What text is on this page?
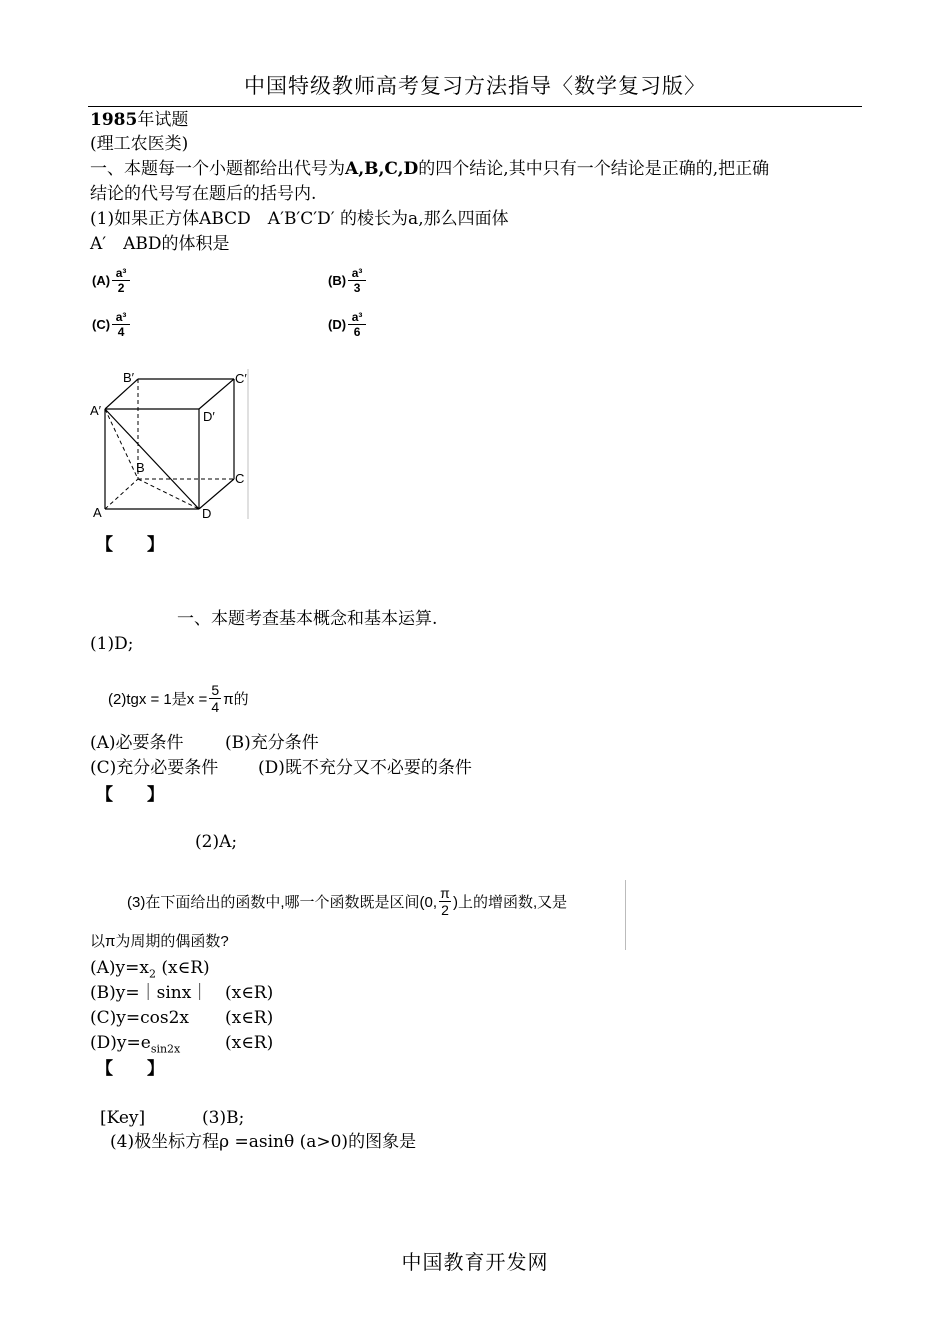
中国特级教师高考复习方法指导〈数学复习版〉
1985年试题
(理工农医类)
一、本题每一个小题都给出代号为A,B,C,D的四个结论,其中只有一个结论是正确的,把正确
结论的代号写在题后的括号内.
(1)如果正方体ABCD　A′B′C′D′ 的棱长为a,那么四面体
A′　ABD的体积是
$(A) \frac{\text{a³}}{2}$	$(B) \frac{\text{a³}}{3}$
$(C) \frac{\text{a³}}{4}$	$(D) \frac{\text{a³}}{6}$
B′	C′
A′	D′
B
C
A	D
【　　】
一、本题考查基本概念和基本运算.
(1)D;
(2)tgx = 1是x =
5
4 π的
(A)必要条件 (B)充分条件
(C)充分必要条件 (D)既不充分又不必要的条件
【　　】
(2)A;
(3)在下面给出的函数中,哪一个函数既是区间(0,
π
2 )上的增函数,又是
以π为周期的偶函数?
$(A)y=x_2$ (x∈R)
(B)y=｜sinx｜ (x∈R)
(C)y=cos2x (x∈R)
$(D)y=e_{sin2x}$	(x∈R)
【　　】
[Key]	(3)B;
(4)极坐标方程ρ =asinθ (a>0)的图象是
中国教育开发网
